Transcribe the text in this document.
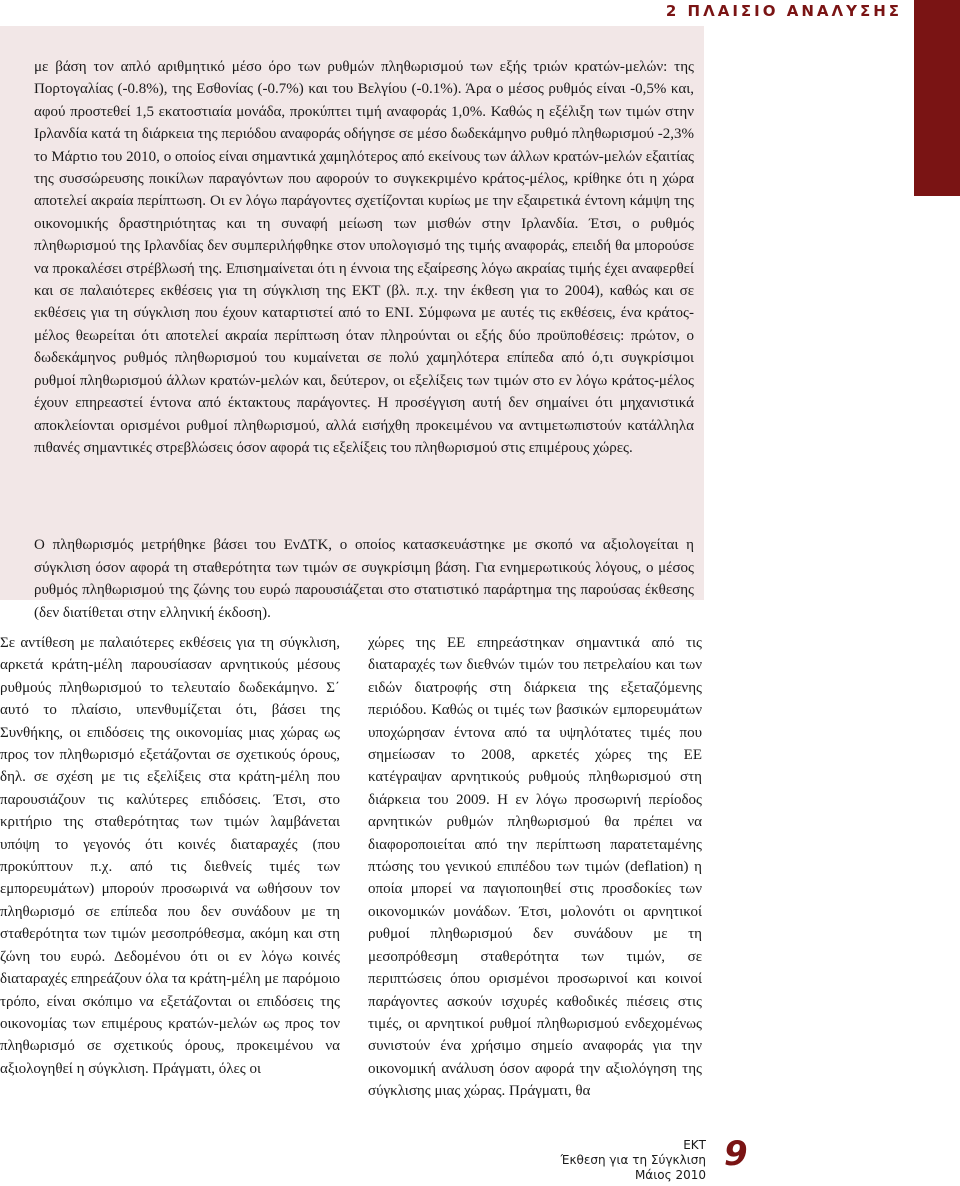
2 ΠΛΑΙΣΙΟ ΑΝΑΛΥΣΗΣ

με βάση τον απλό αριθμητικό μέσο όρο των ρυθμών πληθωρισμού των εξής τριών κρατών-μελών: της Πορτογαλίας (-0.8%), της Εσθονίας (-0.7%) και του Βελγίου (-0.1%). Άρα ο μέσος ρυθμός είναι -0,5% και, αφού προστεθεί 1,5 εκατοστιαία μονάδα, προκύπτει τιμή αναφοράς 1,0%. Καθώς η εξέλιξη των τιμών στην Ιρλανδία κατά τη διάρκεια της περιόδου αναφοράς οδήγησε σε μέσο δωδεκάμηνο ρυθμό πληθωρισμού -2,3% το Μάρτιο του 2010, ο οποίος είναι σημαντικά χαμηλότερος από εκείνους των άλλων κρατών-μελών εξαιτίας της συσσώρευσης ποικίλων παραγόντων που αφορούν το συγκεκριμένο κράτος-μέλος, κρίθηκε ότι η χώρα αποτελεί ακραία περίπτωση. Οι εν λόγω παράγοντες σχετίζονται κυρίως με την εξαιρετικά έντονη κάμψη της οικονομικής δραστηριότητας και τη συναφή μείωση των μισθών στην Ιρλανδία. Έτσι, ο ρυθμός πληθωρισμού της Ιρλανδίας δεν συμπεριλήφθηκε στον υπολογισμό της τιμής αναφοράς, επειδή θα μπορούσε να προκαλέσει στρέβλωσή της. Επισημαίνεται ότι η έννοια της εξαίρεσης λόγω ακραίας τιμής έχει αναφερθεί και σε παλαιότερες εκθέσεις για τη σύγκλιση της ΕΚΤ (βλ. π.χ. την έκθεση για το 2004), καθώς και σε εκθέσεις για τη σύγκλιση που έχουν καταρτιστεί από το ΕΝΙ. Σύμφωνα με αυτές τις εκθέσεις, ένα κράτος-μέλος θεωρείται ότι αποτελεί ακραία περίπτωση όταν πληρούνται οι εξής δύο προϋποθέσεις: πρώτον, ο δωδεκάμηνος ρυθμός πληθωρισμού του κυμαίνεται σε πολύ χαμηλότερα επίπεδα από ό,τι συγκρίσιμοι ρυθμοί πληθωρισμού άλλων κρατών-μελών και, δεύτερον, οι εξελίξεις των τιμών στο εν λόγω κράτος-μέλος έχουν επηρεαστεί έντονα από έκτακτους παράγοντες. Η προσέγγιση αυτή δεν σημαίνει ότι μηχανιστικά αποκλείονται ορισμένοι ρυθμοί πληθωρισμού, αλλά εισήχθη προκειμένου να αντιμετωπιστούν κατάλληλα πιθανές σημαντικές στρεβλώσεις όσον αφορά τις εξελίξεις του πληθωρισμού στις επιμέρους χώρες.

Ο πληθωρισμός μετρήθηκε βάσει του ΕνΔΤΚ, ο οποίος κατασκευάστηκε με σκοπό να αξιολογείται η σύγκλιση όσον αφορά τη σταθερότητα των τιμών σε συγκρίσιμη βάση. Για ενημερωτικούς λόγους, ο μέσος ρυθμός πληθωρισμού της ζώνης του ευρώ παρουσιάζεται στο στατιστικό παράρτημα της παρούσας έκθεσης (δεν διατίθεται στην ελληνική έκδοση).

Σε αντίθεση με παλαιότερες εκθέσεις για τη σύγκλιση, αρκετά κράτη-μέλη παρουσίασαν αρνητικούς μέσους ρυθμούς πληθωρισμού το τελευταίο δωδεκάμηνο. Σ΄ αυτό το πλαίσιο, υπενθυμίζεται ότι, βάσει της Συνθήκης, οι επιδόσεις της οικονομίας μιας χώρας ως προς τον πληθωρισμό εξετάζονται σε σχετικούς όρους, δηλ. σε σχέση με τις εξελίξεις στα κράτη-μέλη που παρουσιάζουν τις καλύτερες επιδόσεις. Έτσι, στο κριτήριο της σταθερότητας των τιμών λαμβάνεται υπόψη το γεγονός ότι κοινές διαταραχές (που προκύπτουν π.χ. από τις διεθνείς τιμές των εμπορευμάτων) μπορούν προσωρινά να ωθήσουν τον πληθωρισμό σε επίπεδα που δεν συνάδουν με τη σταθερότητα των τιμών μεσοπρόθεσμα, ακόμη και στη ζώνη του ευρώ. Δεδομένου ότι οι εν λόγω κοινές διαταραχές επηρεάζουν όλα τα κράτη-μέλη με παρόμοιο τρόπο, είναι σκόπιμο να εξετάζονται οι επιδόσεις της οικονομίας των επιμέρους κρατών-μελών ως προς τον πληθωρισμό σε σχετικούς όρους, προκειμένου να αξιολογηθεί η σύγκλιση. Πράγματι, όλες οι

χώρες της ΕΕ επηρεάστηκαν σημαντικά από τις διαταραχές των διεθνών τιμών του πετρελαίου και των ειδών διατροφής στη διάρκεια της εξεταζόμενης περιόδου. Καθώς οι τιμές των βασικών εμπορευμάτων υποχώρησαν έντονα από τα υψηλότατες τιμές που σημείωσαν το 2008, αρκετές χώρες της ΕΕ κατέγραψαν αρνητικούς ρυθμούς πληθωρισμού στη διάρκεια του 2009. Η εν λόγω προσωρινή περίοδος αρνητικών ρυθμών πληθωρισμού θα πρέπει να διαφοροποιείται από την περίπτωση παρατεταμένης πτώσης του γενικού επιπέδου των τιμών (deflation) η οποία μπορεί να παγιοποιηθεί στις προσδοκίες των οικονομικών μονάδων. Έτσι, μολονότι οι αρνητικοί ρυθμοί πληθωρισμού δεν συνάδουν με τη μεσοπρόθεσμη σταθερότητα των τιμών, σε περιπτώσεις όπου ορισμένοι προσωρινοί και κοινοί παράγοντες ασκούν ισχυρές καθοδικές πιέσεις στις τιμές, οι αρνητικοί ρυθμοί πληθωρισμού ενδεχομένως συνιστούν ένα χρήσιμο σημείο αναφοράς για την οικονομική ανάλυση όσον αφορά την αξιολόγηση της σύγκλισης μιας χώρας. Πράγματι, θα

ΕΚΤ
Έκθεση για τη Σύγκλιση
Μάιος 2010

9
